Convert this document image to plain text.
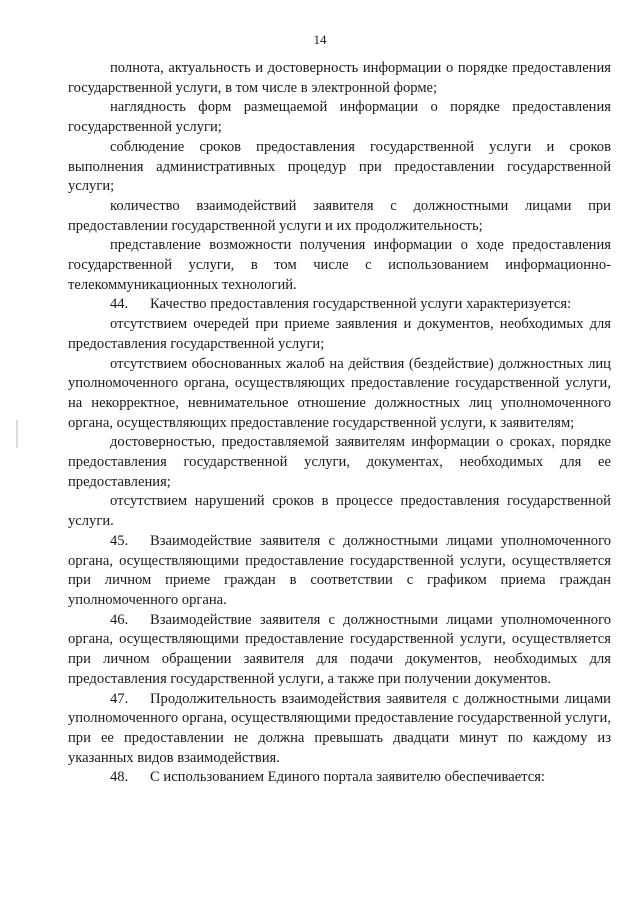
14

полнота, актуальность и достоверность информации о порядке предоставления государственной услуги, в том числе в электронной форме;

наглядность форм размещаемой информации о порядке предоставления государственной услуги;

соблюдение сроков предоставления государственной услуги и сроков выполнения административных процедур при предоставлении государственной услуги;

количество взаимодействий заявителя с должностными лицами при предоставлении государственной услуги и их продолжительность;

представление возможности получения информации о ходе предоставления государственной услуги, в том числе с использованием информационно-телекоммуникационных технологий.

44. Качество предоставления государственной услуги характеризуется:

отсутствием очередей при приеме заявления и документов, необходимых для предоставления государственной услуги;

отсутствием обоснованных жалоб на действия (бездействие) должностных лиц уполномоченного органа, осуществляющих предоставление государственной услуги, на некорректное, невнимательное отношение должностных лиц уполномоченного органа, осуществляющих предоставление государственной услуги, к заявителям;

достоверностью, предоставляемой заявителям информации о сроках, порядке предоставления государственной услуги, документах, необходимых для ее предоставления;

отсутствием нарушений сроков в процессе предоставления государственной услуги.

45. Взаимодействие заявителя с должностными лицами уполномоченного органа, осуществляющими предоставление государственной услуги, осуществляется при личном приеме граждан в соответствии с графиком приема граждан уполномоченного органа.

46. Взаимодействие заявителя с должностными лицами уполномоченного органа, осуществляющими предоставление государственной услуги, осуществляется при личном обращении заявителя для подачи документов, необходимых для предоставления государственной услуги, а также при получении документов.

47. Продолжительность взаимодействия заявителя с должностными лицами уполномоченного органа, осуществляющими предоставление государственной услуги, при ее предоставлении не должна превышать двадцати минут по каждому из указанных видов взаимодействия.

48. С использованием Единого портала заявителю обеспечивается:
